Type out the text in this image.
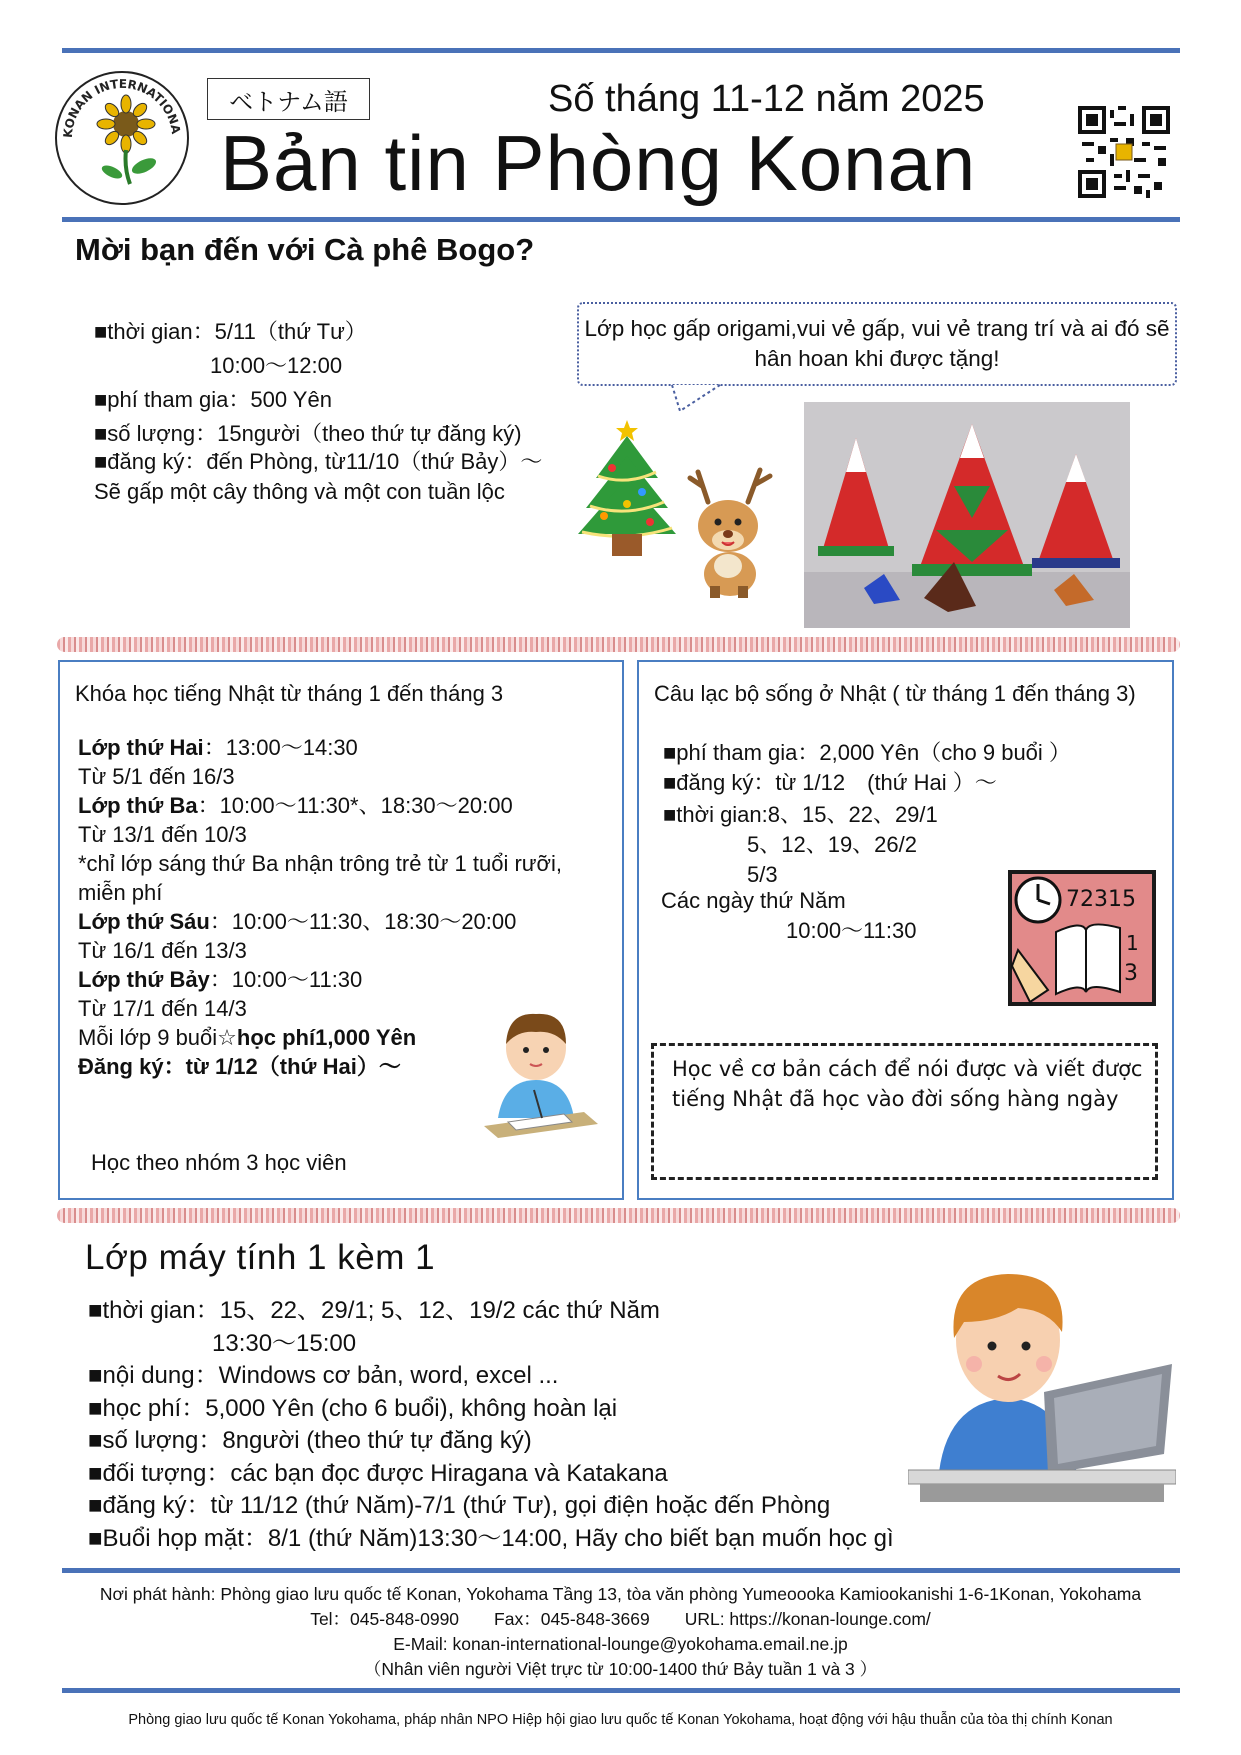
KONAN INTERNATIONA
ベトナム語	Số tháng 11-12 năm 2025
Bản tin Phòng Konan
Mời bạn đến với Cà phê Bogo?
■thời gian：5/11（thứ Tư）
10:00～12:00
■phí tham gia：500 Yên
■số lượng：15người（theo thứ tự đăng ký)
■đăng ký：đến Phòng, từ11/10（thứ Bảy）～
Sẽ gấp một cây thông và một con tuần lộc
Lớp học gấp origami,vui vẻ gấp, vui vẻ trang trí và ai đó sẽ hân hoan khi được tặng!
Khóa học tiếng Nhật từ tháng 1 đến tháng 3
Lớp thứ Hai：13:00～14:30
Từ 5/1 đến 16/3
Lớp thứ Ba：10:00～11:30*、18:30～20:00
Từ 13/1 đến 10/3
*chỉ lớp sáng thứ Ba nhận trông trẻ từ 1 tuổi rưỡi,
miễn phí
Lớp thứ Sáu：10:00～11:30、18:30～20:00
Từ 16/1 đến 13/3
Lớp thứ Bảy：10:00～11:30
Từ 17/1 đến 14/3
Mỗi lớp 9 buổi☆học phí1,000 Yên
Đăng ký：từ 1/12（thứ Hai）～
Học theo nhóm 3 học viên
Câu lạc bộ sống ở Nhật ( từ tháng 1 đến tháng 3)
■phí tham gia：2,000 Yên（cho 9 buổi ）
■đăng ký：từ 1/12　(thứ Hai ）～
■thời gian:8、15、22、29/1
5、12、19、26/2
5/3
Các ngày thứ Năm
10:00～11:30
72315
3
1
Học về cơ bản cách để nói được và viết được tiếng Nhật đã học vào đời sống hàng ngày
Lớp máy tính 1 kèm 1
■thời gian：15、22、29/1; 5、12、19/2 các thứ Năm
13:30～15:00
■nội dung：Windows cơ bản, word, excel ...
■học phí：5,000 Yên (cho 6 buổi), không hoàn lại
■số lượng：8người (theo thứ tự đăng ký)
■đối tượng：các bạn đọc được Hiragana và Katakana
■đăng ký：từ 11/12 (thứ Năm)-7/1 (thứ Tư), gọi điện hoặc đến Phòng
■Buổi họp mặt：8/1 (thứ Năm)13:30～14:00, Hãy cho biết bạn muốn học gì
Nơi phát hành: Phòng giao lưu quốc tế Konan, Yokohama Tầng 13, tòa văn phòng Yumeoooka Kamiookanishi 1-6-1Konan, Yokohama
Tel：045-848-0990　　Fax：045-848-3669　　URL: https://konan-lounge.com/
E-Mail: konan-international-lounge@yokohama.email.ne.jp
（Nhân viên người Việt trực từ 10:00-1400 thứ Bảy tuần 1 và 3 ）
Phòng giao lưu quốc tế Konan Yokohama, pháp nhân NPO Hiệp hội giao lưu quốc tế Konan Yokohama, hoạt động với hậu thuẫn của tòa thị chính Konan
